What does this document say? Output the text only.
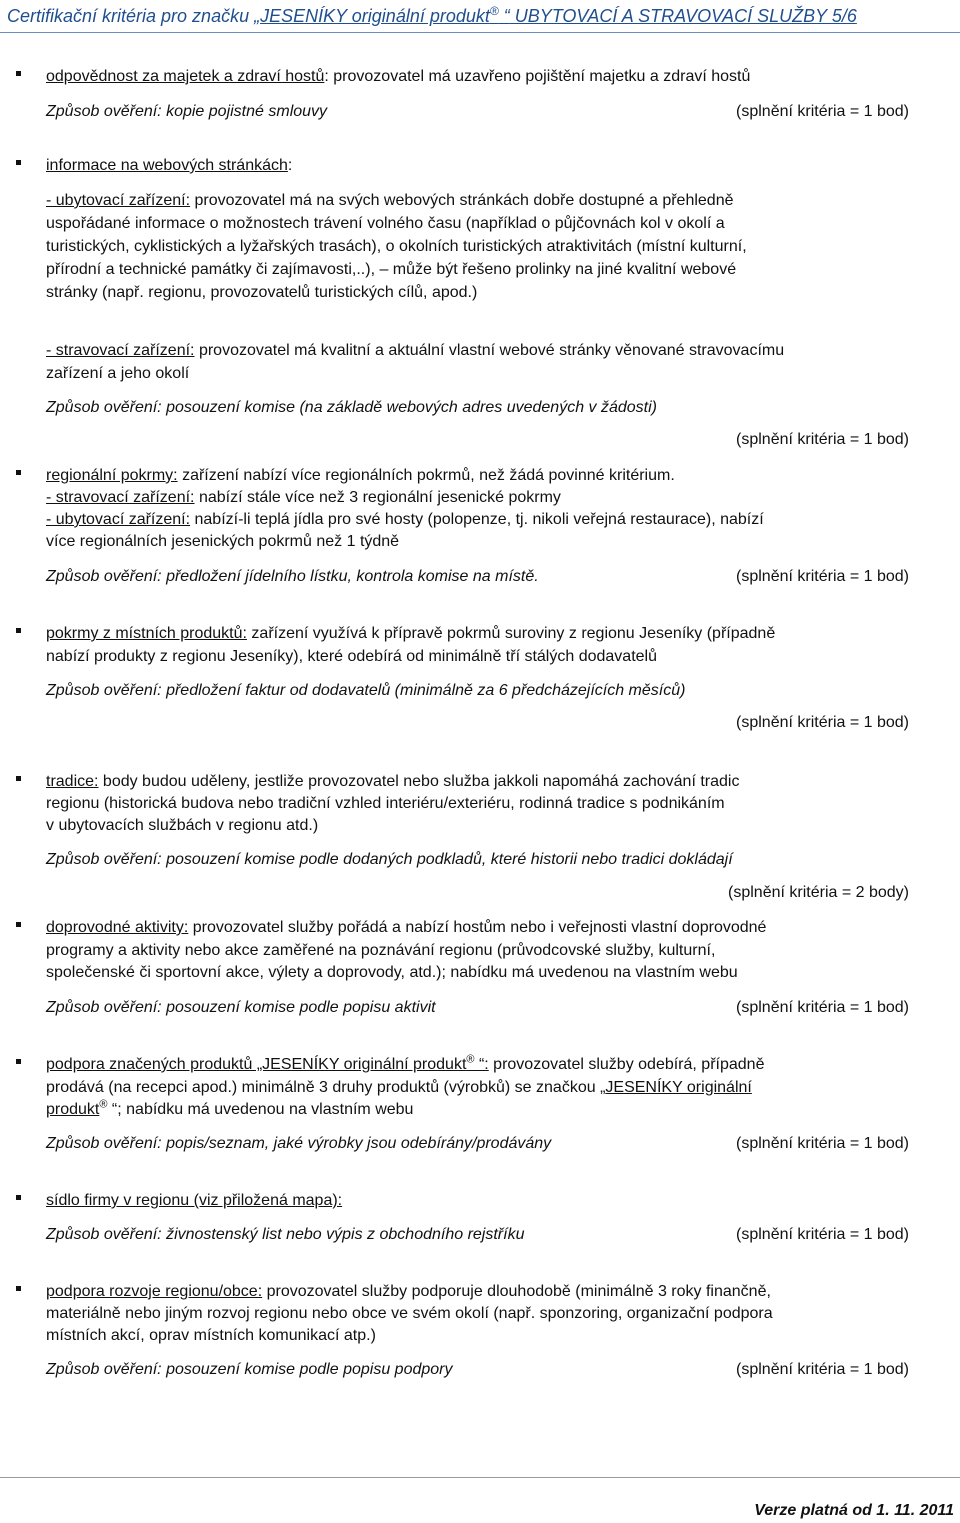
Certifikační kritéria pro značku „JESENÍKY originální produkt® “ UBYTOVACÍ A STRAVOVACÍ SLUŽBY 5/6
odpovědnost za majetek a zdraví hostů: provozovatel má uzavřeno pojištění majetku a zdraví hostů
Způsob ověření: kopie pojistné smlouvy	(splnění kritéria = 1 bod)
informace na webových stránkách:
- ubytovací zařízení: provozovatel má na svých webových stránkách dobře dostupné a přehledně
uspořádané informace o možnostech trávení volného času (například o půjčovnách kol v okolí a
turistických, cyklistických a lyžařských trasách), o okolních turistických atraktivitách (místní kulturní,
přírodní a technické památky či zajímavosti,..), – může být řešeno prolinky na jiné kvalitní webové
stránky (např. regionu, provozovatelů turistických cílů, apod.)
- stravovací zařízení: provozovatel má kvalitní a aktuální vlastní webové stránky věnované stravovacímu
zařízení a jeho okolí
Způsob ověření: posouzení komise (na základě webových adres uvedených v žádosti)
(splnění kritéria = 1 bod)
regionální pokrmy: zařízení nabízí více regionálních pokrmů, než žádá povinné kritérium.
- stravovací zařízení: nabízí stále více než 3 regionální jesenické pokrmy
- ubytovací zařízení: nabízí-li teplá jídla pro své hosty (polopenze, tj. nikoli veřejná restaurace), nabízí
více regionálních jesenických pokrmů než 1 týdně
Způsob ověření: předložení jídelního lístku, kontrola komise na místě.	(splnění kritéria = 1 bod)
pokrmy z místních produktů: zařízení využívá k přípravě pokrmů suroviny z regionu Jeseníky (případně
nabízí produkty z regionu Jeseníky), které odebírá od minimálně tří stálých dodavatelů
Způsob ověření: předložení faktur od dodavatelů (minimálně za 6 předcházejících měsíců)
(splnění kritéria = 1 bod)
tradice: body budou uděleny, jestliže provozovatel nebo služba jakkoli napomáhá zachování tradic
regionu (historická budova nebo tradiční vzhled interiéru/exteriéru, rodinná tradice s podnikáním
v ubytovacích službách v regionu atd.)
Způsob ověření: posouzení komise podle dodaných podkladů, které historii nebo tradici dokládají
(splnění kritéria = 2 body)
doprovodné aktivity: provozovatel služby pořádá a nabízí hostům nebo i veřejnosti vlastní doprovodné
programy a aktivity nebo akce zaměřené na poznávání regionu (průvodcovské služby, kulturní,
společenské či sportovní akce, výlety a doprovody, atd.); nabídku má uvedenou na vlastním webu
Způsob ověření: posouzení komise podle popisu aktivit	(splnění kritéria = 1 bod)
podpora značených produktů „JESENÍKY originální produkt® “: provozovatel služby odebírá, případně
prodává (na recepci apod.) minimálně 3 druhy produktů (výrobků) se značkou „JESENÍKY originální
produkt® “; nabídku má uvedenou na vlastním webu
Způsob ověření: popis/seznam, jaké výrobky jsou odebírány/prodávány	(splnění kritéria = 1 bod)
sídlo firmy v regionu (viz přiložená mapa):
Způsob ověření: živnostenský list nebo výpis z obchodního rejstříku	(splnění kritéria = 1 bod)
podpora rozvoje regionu/obce: provozovatel služby podporuje dlouhodobě (minimálně 3 roky finančně,
materiálně nebo jiným rozvoj regionu nebo obce ve svém okolí (např. sponzoring, organizační podpora
místních akcí, oprav místních komunikací atp.)
Způsob ověření: posouzení komise podle popisu podpory	(splnění kritéria = 1 bod)
Verze platná od 1. 11. 2011
